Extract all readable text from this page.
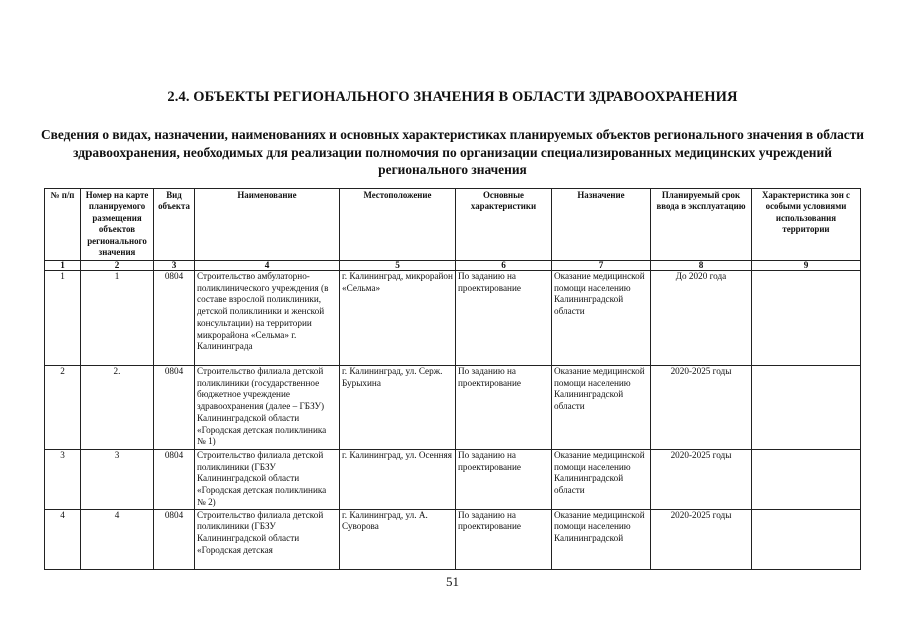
2.4. ОБЪЕКТЫ РЕГИОНАЛЬНОГО ЗНАЧЕНИЯ В ОБЛАСТИ ЗДРАВООХРАНЕНИЯ
Сведения о видах, назначении, наименованиях и основных характеристиках планируемых объектов регионального значения в области здравоохранения, необходимых для реализации полномочия по организации специализированных медицинских учреждений регионального значения
№ п/п	Номер на карте планируемого размещения объектов регионального значения	Вид объекта	Наименование	Местоположение	Основные характеристики	Назначение	Планируемый срок ввода в эксплуатацию	Характеристика зон с особыми условиями использования территории
1	2	3	4	5	6	7	8	9
1	1	0804	Строительство амбулаторно-поликлинического учреждения (в составе взрослой поликлиники, детской поликлиники и женской консультации) на территории микрорайона «Сельма» г. Калининграда	г. Калининград, микрорайон «Сельма»	По заданию на проектирование	Оказание медицинской помощи населению Калининградской области	До 2020 года	
2	2.	0804	Строительство филиала детской поликлиники (государственное бюджетное учреждение здравоохранения (далее – ГБЗУ) Калининградской области «Городская детская поликлиника № 1)	г. Калининград, ул. Серж. Бурыхина	По заданию на проектирование	Оказание медицинской помощи населению Калининградской области	2020-2025 годы	
3	3	0804	Строительство филиала детской поликлиники (ГБЗУ Калининградской области «Городская детская поликлиника № 2)	г. Калининград, ул. Осенняя	По заданию на проектирование	Оказание медицинской помощи населению Калининградской области	2020-2025 годы	
4	4	0804	Строительство филиала детской поликлиники (ГБЗУ Калининградской области «Городская детская	г. Калининград, ул. А. Суворова	По заданию на проектирование	Оказание медицинской помощи населению Калининградской	2020-2025 годы	
51
